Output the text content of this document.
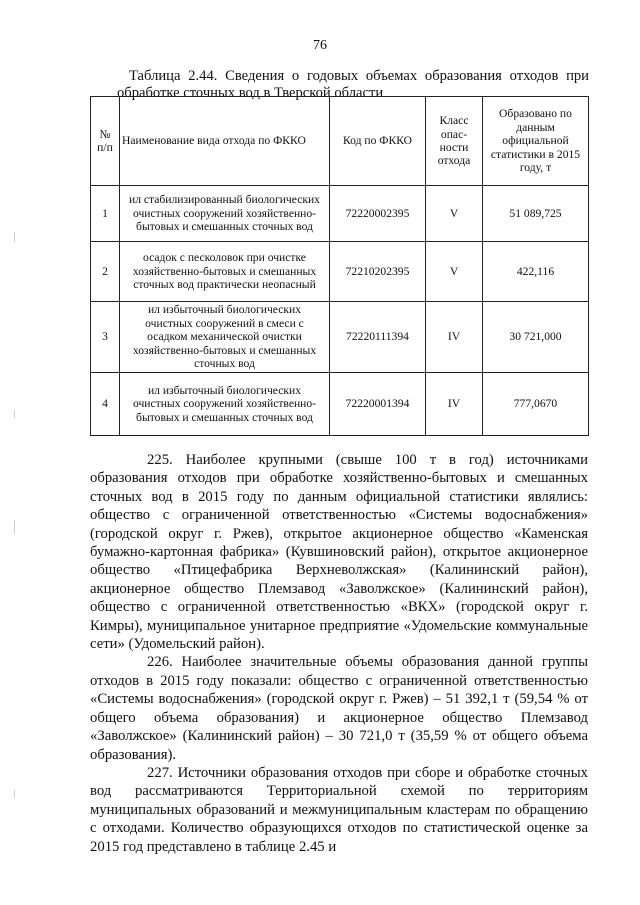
76
Таблица 2.44. Сведения о годовых объемах образования отходов при обработке сточных вод в Тверской области
№ п/п	Наименование вида отхода по ФККО	Код по ФККО	Класс опас-ности отхода	Образовано по данным официальной статистики в 2015 году, т
1	ил стабилизированный биологических очистных сооружений хозяйственно-бытовых и смешанных сточных вод	72220002395	V	51 089,725
2	осадок с песколовок при очистке хозяйственно-бытовых и смешанных сточных вод практически неопасный	72210202395	V	422,116
3	ил избыточный биологических очистных сооружений в смеси с осадком механической очистки хозяйственно-бытовых и смешанных сточных вод	72220111394	IV	30 721,000
4	ил избыточный биологических очистных сооружений хозяйственно-бытовых и смешанных сточных вод	72220001394	IV	777,0670

225. Наиболее крупными (свыше 100 т в год) источниками образования отходов при обработке хозяйственно-бытовых и смешанных сточных вод в 2015 году по данным официальной статистики являлись: общество с ограниченной ответственностью «Системы водоснабжения» (городской округ г. Ржев), открытое акционерное общество «Каменская бумажно-картонная фабрика» (Кувшиновский район), открытое акционерное общество «Птицефабрика Верхневолжская» (Калининский район), акционерное общество Племзавод «Заволжское» (Калининский район), общество с ограниченной ответственностью «ВКХ» (городской округ г. Кимры), муниципальное унитарное предприятие «Удомельские коммунальные сети» (Удомельский район).

226. Наиболее значительные объемы образования данной группы отходов в 2015 году показали: общество с ограниченной ответственностью «Системы водоснабжения» (городской округ г. Ржев) – 51 392,1 т (59,54 % от общего объема образования) и акционерное общество Племзавод «Заволжское» (Калининский район) – 30 721,0 т (35,59 % от общего объема образования).

227. Источники образования отходов при сборе и обработке сточных вод рассматриваются Территориальной схемой по территориям муниципальных образований и межмуниципальным кластерам по обращению с отходами. Количество образующихся отходов по статистической оценке за 2015 год представлено в таблице 2.45 и
